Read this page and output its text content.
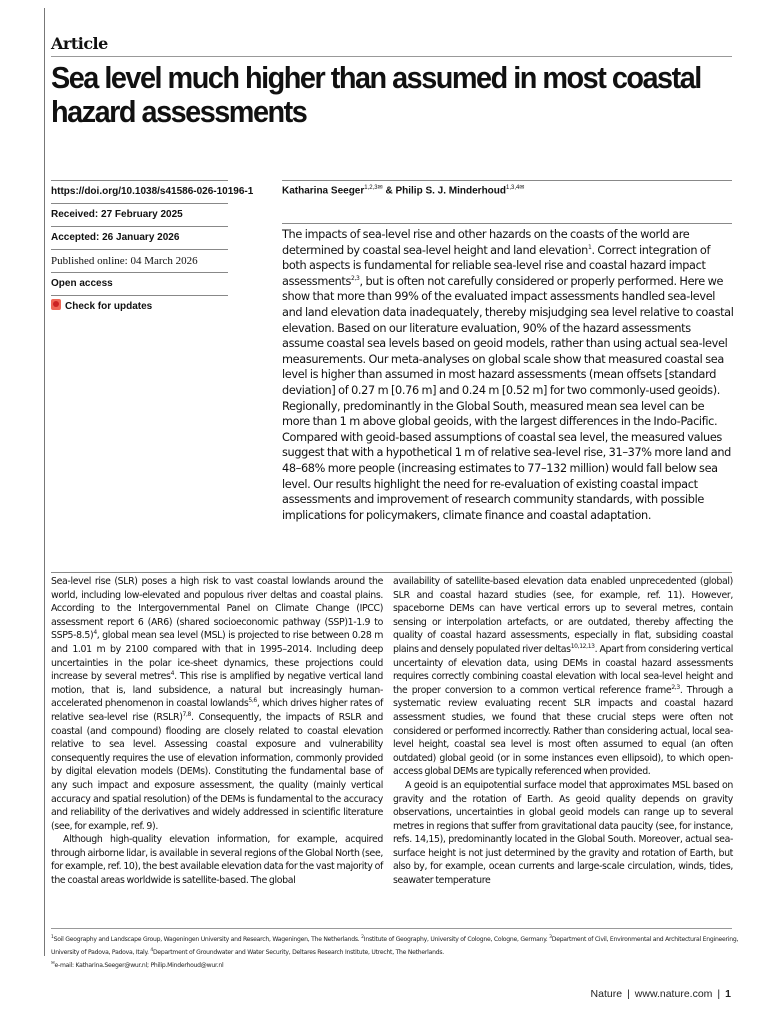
Article
Sea level much higher than assumed in most coastal hazard assessments
https://doi.org/10.1038/s41586-026-10196-1
Received: 27 February 2025
Accepted: 26 January 2026
Published online: 04 March 2026
Open access
Check for updates
Katharina Seeger$^{1,2,3✉}$ & Philip S. J. Minderhoud$^{1,3,4✉}$
The impacts of sea-level rise and other hazards on the coasts of the world are determined by coastal sea-level height and land elevation$^1$. Correct integration of both aspects is fundamental for reliable sea-level rise and coastal hazard impact assessments$^{2,3}$, but is often not carefully considered or properly performed. Here we show that more than 99% of the evaluated impact assessments handled sea-level and land elevation data inadequately, thereby misjudging sea level relative to coastal elevation. Based on our literature evaluation, 90% of the hazard assessments assume coastal sea levels based on geoid models, rather than using actual sea-level measurements. Our meta-analyses on global scale show that measured coastal sea level is higher than assumed in most hazard assessments (mean offsets [standard deviation] of 0.27 m [0.76 m] and 0.24 m [0.52 m] for two commonly-used geoids). Regionally, predominantly in the Global South, measured mean sea level can be more than 1 m above global geoids, with the largest differences in the Indo-Pacific. Compared with geoid-based assumptions of coastal sea level, the measured values suggest that with a hypothetical 1 m of relative sea-level rise, 31–37% more land and 48–68% more people (increasing estimates to 77–132 million) would fall below sea level. Our results highlight the need for re-evaluation of existing coastal impact assessments and improvement of research community standards, with possible implications for policymakers, climate finance and coastal adaptation.

Sea-level rise (SLR) poses a high risk to vast coastal lowlands around the world, including low-elevated and populous river deltas and coastal plains. According to the Intergovernmental Panel on Climate Change (IPCC) assessment report 6 (AR6) (shared socioeconomic pathway (SSP)1-1.9 to SSP5-8.5)$^4$, global mean sea level (MSL) is projected to rise between 0.28 m and 1.01 m by 2100 compared with that in 1995–2014. Including deep uncertainties in the polar ice-sheet dynamics, these projections could increase by several metres$^4$. This rise is amplified by negative vertical land motion, that is, land subsidence, a natural but increasingly human-accelerated phenomenon in coastal lowlands$^{5,6}$, which drives higher rates of relative sea-level rise (RSLR)$^{7,8}$. Consequently, the impacts of RSLR and coastal (and compound) flooding are closely related to coastal elevation relative to sea level. Assessing coastal exposure and vulnerability consequently requires the use of elevation information, commonly provided by digital elevation models (DEMs). Constituting the fundamental base of any such impact and exposure assessment, the quality (mainly vertical accuracy and spatial resolution) of the DEMs is fundamental to the accuracy and reliability of the derivatives and widely addressed in scientific literature (see, for example, ref. 9).

Although high-quality elevation information, for example, acquired through airborne lidar, is available in several regions of the Global North (see, for example, ref. 10), the best available elevation data for the vast majority of the coastal areas worldwide is satellite-based. The global

availability of satellite-based elevation data enabled unprecedented (global) SLR and coastal hazard studies (see, for example, ref. 11). However, spaceborne DEMs can have vertical errors up to several metres, contain sensing or interpolation artefacts, or are outdated, thereby affecting the quality of coastal hazard assessments, especially in flat, subsiding coastal plains and densely populated river deltas$^{10,12,13}$. Apart from considering vertical uncertainty of elevation data, using DEMs in coastal hazard assessments requires correctly combining coastal elevation with local sea-level height and the proper conversion to a common vertical reference frame$^{2,3}$. Through a systematic review evaluating recent SLR impacts and coastal hazard assessment studies, we found that these crucial steps were often not considered or performed incorrectly. Rather than considering actual, local sea-level height, coastal sea level is most often assumed to equal (an often outdated) global geoid (or in some instances even ellipsoid), to which open-access global DEMs are typically referenced when provided.

A geoid is an equipotential surface model that approximates MSL based on gravity and the rotation of Earth. As geoid quality depends on gravity observations, uncertainties in global geoid models can range up to several metres in regions that suffer from gravitational data paucity (see, for instance, refs. 14,15), predominantly located in the Global South. Moreover, actual sea-surface height is not just determined by the gravity and rotation of Earth, but also by, for example, ocean currents and large-scale circulation, winds, tides, seawater temperature

$^1$Soil Geography and Landscape Group, Wageningen University and Research, Wageningen, The Netherlands. $^2$Institute of Geography, University of Cologne, Cologne, Germany. $^3$Department of Civil, Environmental and Architectural Engineering, University of Padova, Padova, Italy. $^4$Department of Groundwater and Water Security, Deltares Research Institute, Utrecht, The Netherlands.
✉e-mail: Katharina.Seeger@wur.nl; Philip.Minderhoud@wur.nl
Nature | www.nature.com | 1
